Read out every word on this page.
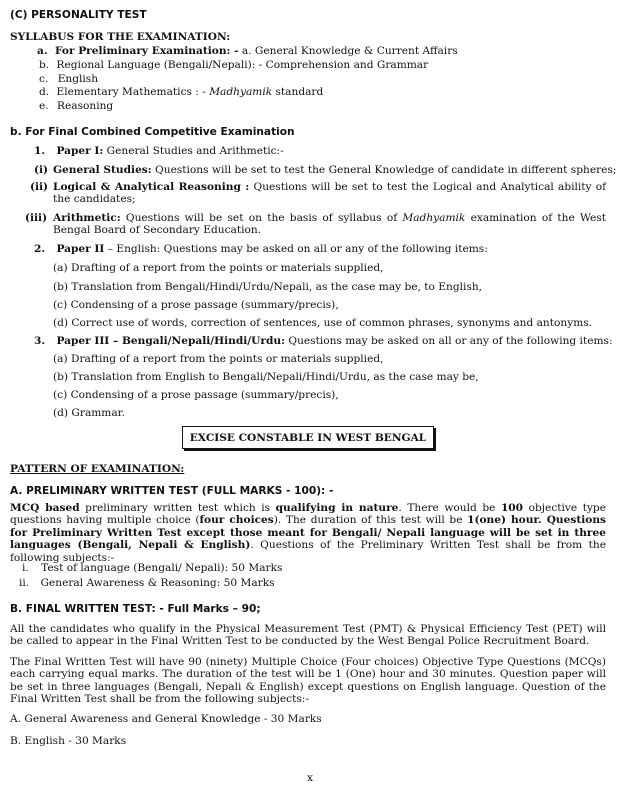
(C) PERSONALITY TEST
SYLLABUS FOR THE EXAMINATION:
a. For Preliminary Examination: - a. General Knowledge & Current Affairs
b. Regional Language (Bengali/Nepali): - Comprehension and Grammar
c. English
d. Elementary Mathematics : - Madhyamik standard
e. Reasoning
b. For Final Combined Competitive Examination
1. Paper I: General Studies and Arithmetic:-
(i) General Studies: Questions will be set to test the General Knowledge of candidate in different spheres;
(ii) Logical & Analytical Reasoning : Questions will be set to test the Logical and Analytical ability of the candidates;
(iii) Arithmetic: Questions will be set on the basis of syllabus of Madhyamik examination of the West Bengal Board of Secondary Education.
2. Paper II – English: Questions may be asked on all or any of the following items:
(a) Drafting of a report from the points or materials supplied,
(b) Translation from Bengali/Hindi/Urdu/Nepali, as the case may be, to English,
(c) Condensing of a prose passage (summary/precis),
(d) Correct use of words, correction of sentences, use of common phrases, synonyms and antonyms.
3. Paper III – Bengali/Nepali/Hindi/Urdu: Questions may be asked on all or any of the following items:
(a) Drafting of a report from the points or materials supplied,
(b) Translation from English to Bengali/Nepali/Hindi/Urdu, as the case may be,
(c) Condensing of a prose passage (summary/precis),
(d) Grammar.
EXCISE CONSTABLE IN WEST BENGAL
PATTERN OF EXAMINATION:
A. PRELIMINARY WRITTEN TEST (FULL MARKS - 100): -
MCQ based preliminary written test which is qualifying in nature. There would be 100 objective type questions having multiple choice (four choices). The duration of this test will be 1(one) hour. Questions for Preliminary Written Test except those meant for Bengali/ Nepali language will be set in three languages (Bengali, Nepali & English). Questions of the Preliminary Written Test shall be from the following subjects:-
i. Test of language (Bengali/ Nepali): 50 Marks
ii. General Awareness & Reasoning: 50 Marks
B. FINAL WRITTEN TEST: - Full Marks – 90;
All the candidates who qualify in the Physical Measurement Test (PMT) & Physical Efficiency Test (PET) will be called to appear in the Final Written Test to be conducted by the West Bengal Police Recruitment Board.
The Final Written Test will have 90 (ninety) Multiple Choice (Four choices) Objective Type Questions (MCQs) each carrying equal marks. The duration of the test will be 1 (One) hour and 30 minutes. Question paper will be set in three languages (Bengali, Nepali & English) except questions on English language. Question of the Final Written Test shall be from the following subjects:-
A. General Awareness and General Knowledge - 30 Marks
B. English - 30 Marks
x
